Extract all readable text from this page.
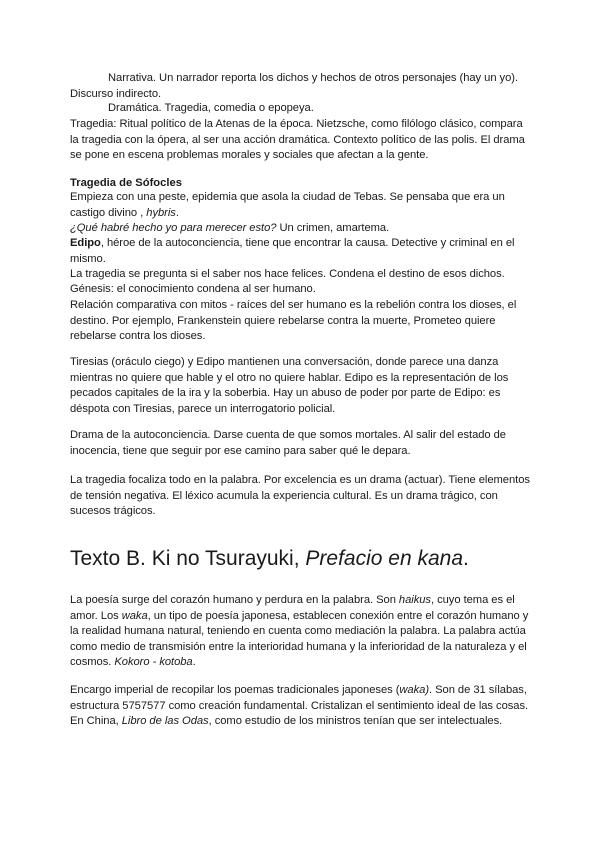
Narrativa. Un narrador reporta los dichos y hechos de otros personajes (hay un yo). Discurso indirecto.
Dramática. Tragedia, comedia o epopeya.
Tragedia: Ritual político de la Atenas de la época. Nietzsche, como filólogo clásico, compara la tragedia con la ópera, al ser una acción dramática. Contexto político de las polis. El drama se pone en escena problemas morales y sociales que afectan a la gente.
Tragedia de Sófocles
Empieza con una peste, epidemia que asola la ciudad de Tebas. Se pensaba que era un castigo divino , hybris.
¿Qué habré hecho yo para merecer esto? Un crimen, amartema.
Edipo, héroe de la autoconciencia, tiene que encontrar la causa. Detective y criminal en el mismo.
La tragedia se pregunta si el saber nos hace felices. Condena el destino de esos dichos.
Génesis: el conocimiento condena al ser humano.
Relación comparativa con mitos - raíces del ser humano es la rebelión contra los dioses, el destino. Por ejemplo, Frankenstein quiere rebelarse contra la muerte, Prometeo quiere rebelarse contra los dioses.
Tiresias (oráculo ciego) y Edipo mantienen una conversación, donde parece una danza mientras no quiere que hable y el otro no quiere hablar. Edipo es la representación de los pecados capitales de la ira y la soberbia. Hay un abuso de poder por parte de Edipo: es déspota con Tiresias, parece un interrogatorio policial.
Drama de la autoconciencia. Darse cuenta de que somos mortales. Al salir del estado de inocencia, tiene que seguir por ese camino para saber qué le depara.
La tragedia focaliza todo en la palabra. Por excelencia es un drama (actuar). Tiene elementos de tensión negativa. El léxico acumula la experiencia cultural. Es un drama trágico, con sucesos trágicos.
Texto B. Ki no Tsurayuki, Prefacio en kana.
La poesía surge del corazón humano y perdura en la palabra. Son haikus, cuyo tema es el amor. Los waka, un tipo de poesía japonesa, establecen conexión entre el corazón humano y la realidad humana natural, teniendo en cuenta como mediación la palabra. La palabra actúa como medio de transmisión entre la interioridad humana y la inferioridad de la naturaleza y el cosmos. Kokoro - kotoba.
Encargo imperial de recopilar los poemas tradicionales japoneses (waka). Son de 31 sílabas, estructura 5757577 como creación fundamental. Cristalizan el sentimiento ideal de las cosas. En China, Libro de las Odas, como estudio de los ministros tenían que ser intelectuales.
